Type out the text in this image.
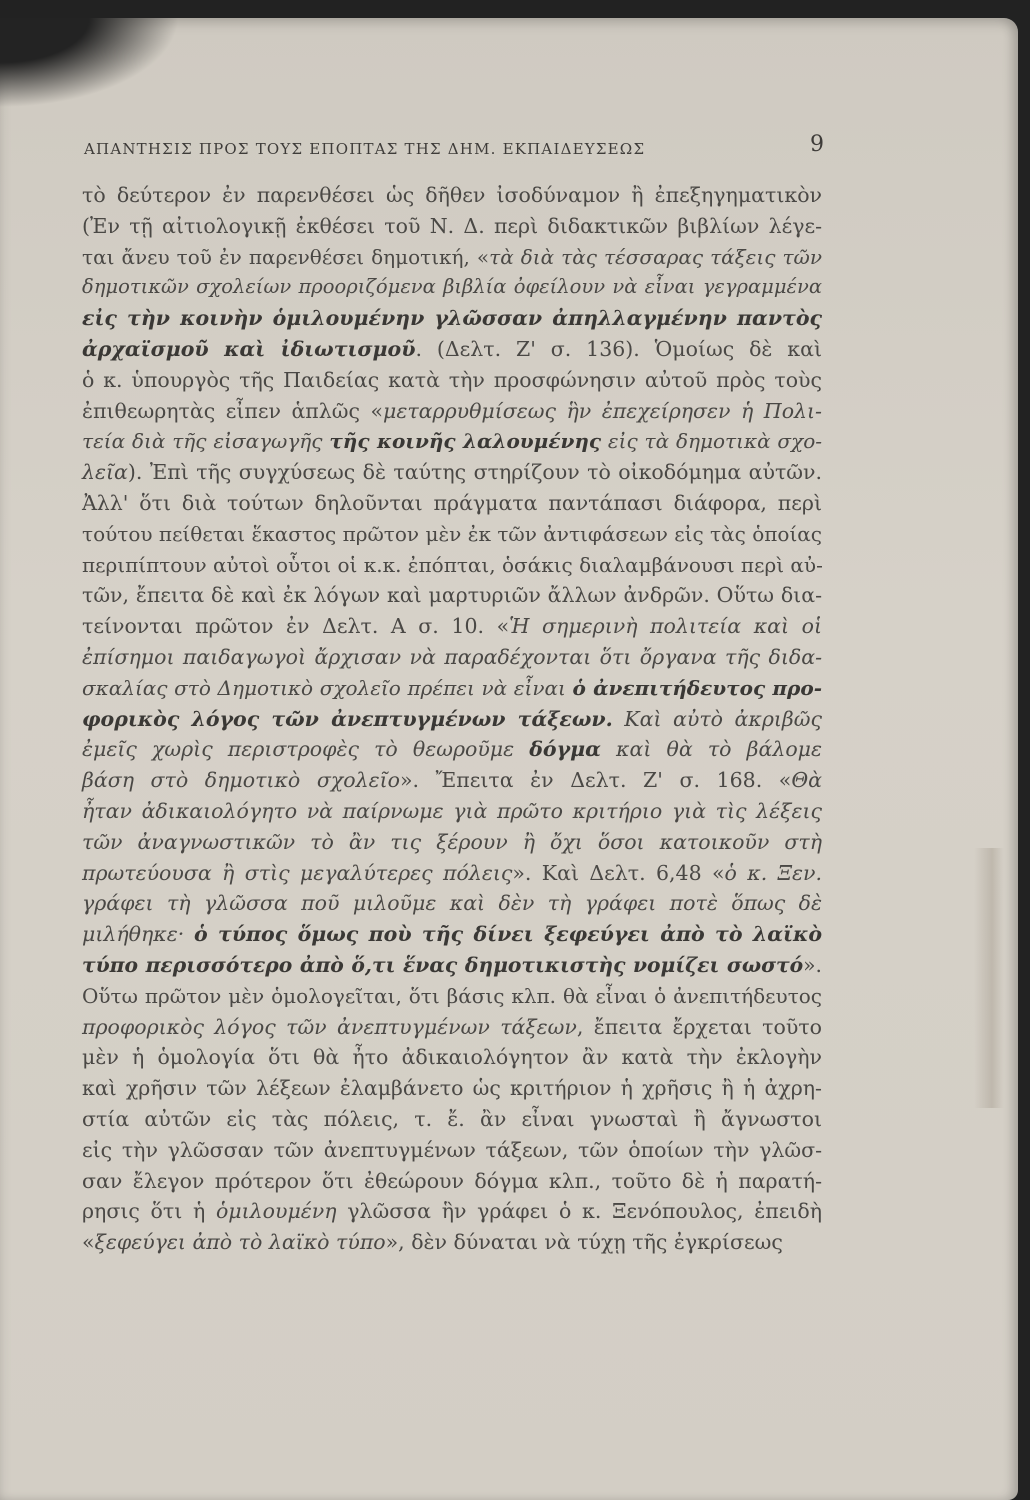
ΑΠΑΝΤΗΣΙΣ ΠΡΟΣ ΤΟΥΣ ΕΠΟΠΤΑΣ ΤΗΣ ΔΗΜ. ΕΚΠΑΙΔΕΥΣΕΩΣ	9
τὸ δεύτερον ἐν παρενθέσει ὡς δῆθεν ἰσοδύναμον ἢ ἐπεξηγηματικὸν
(Ἐν τῇ αἰτιολογικῇ ἐκθέσει τοῦ Ν. Δ. περὶ διδακτικῶν βιβλίων λέγε-
ται ἄνευ τοῦ ἐν παρενθέσει δημοτική, «τὰ διὰ τὰς τέσσαρας τάξεις τῶν
δημοτικῶν σχολείων προοριζόμενα βιβλία ὀφείλουν νὰ εἶναι γεγραμμένα
εἰς τὴν κοινὴν ὁμιλουμένην γλῶσσαν ἀπηλλαγμένην παντὸς
ἀρχαϊσμοῦ καὶ ἰδιωτισμοῦ. (Δελτ. Ζ' σ. 136). Ὁμοίως δὲ καὶ
ὁ κ. ὑπουργὸς τῆς Παιδείας κατὰ τὴν προσφώνησιν αὐτοῦ πρὸς τοὺς
ἐπιθεωρητὰς εἶπεν ἁπλῶς «μεταρρυθμίσεως ἣν ἐπεχείρησεν ἡ Πολι-
τεία διὰ τῆς εἰσαγωγῆς τῆς κοινῆς λαλουμένης εἰς τὰ δημοτικὰ σχο-
λεῖα). Ἐπὶ τῆς συγχύσεως δὲ ταύτης στηρίζουν τὸ οἰκοδόμημα αὐτῶν.
Ἀλλ' ὅτι διὰ τούτων δηλοῦνται πράγματα παντάπασι διάφορα, περὶ
τούτου πείθεται ἕκαστος πρῶτον μὲν ἐκ τῶν ἀντιφάσεων εἰς τὰς ὁποίας
περιπίπτουν αὐτοὶ οὗτοι οἱ κ.κ. ἐπόπται, ὁσάκις διαλαμβάνουσι περὶ αὐ-
τῶν, ἔπειτα δὲ καὶ ἐκ λόγων καὶ μαρτυριῶν ἄλλων ἀνδρῶν. Οὕτω δια-
τείνονται πρῶτον ἐν Δελτ. Α σ. 10. «Ἡ σημερινὴ πολιτεία καὶ οἱ
ἐπίσημοι παιδαγωγοὶ ἄρχισαν νὰ παραδέχονται ὅτι ὄργανα τῆς διδα-
σκαλίας στὸ Δημοτικὸ σχολεῖο πρέπει νὰ εἶναι ὁ ἀνεπιτήδευτος προ-
φορικὸς λόγος τῶν ἀνεπτυγμένων τάξεων. Καὶ αὐτὸ ἀκριβῶς
ἐμεῖς χωρὶς περιστροφὲς τὸ θεωροῦμε δόγμα καὶ θὰ τὸ βάλομε
βάση στὸ δημοτικὸ σχολεῖο». Ἔπειτα ἐν Δελτ. Ζ' σ. 168. «Θὰ
ἦταν ἀδικαιολόγητο νὰ παίρνωμε γιὰ πρῶτο κριτήριο γιὰ τὶς λέξεις
τῶν ἀναγνωστικῶν τὸ ἂν τις ξέρουν ἢ ὄχι ὅσοι κατοικοῦν στὴ
πρωτεύουσα ἢ στὶς μεγαλύτερες πόλεις». Καὶ Δελτ. 6,48 «ὁ κ. Ξεν.
γράφει τὴ γλῶσσα ποῦ μιλοῦμε καὶ δὲν τὴ γράφει ποτὲ ὅπως δὲ
μιλήθηκε· ὁ τύπος ὅμως ποὺ τῆς δίνει ξεφεύγει ἀπὸ τὸ λαϊκὸ
τύπο περισσότερο ἀπὸ ὅ,τι ἕνας δημοτικιστὴς νομίζει σωστό».
Οὕτω πρῶτον μὲν ὁμολογεῖται, ὅτι βάσις κλπ. θὰ εἶναι ὁ ἀνεπιτήδευτος
προφορικὸς λόγος τῶν ἀνεπτυγμένων τάξεων, ἔπειτα ἔρχεται τοῦτο
μὲν ἡ ὁμολογία ὅτι θὰ ἦτο ἀδικαιολόγητον ἂν κατὰ τὴν ἐκλογὴν
καὶ χρῆσιν τῶν λέξεων ἐλαμβάνετο ὡς κριτήριον ἡ χρῆσις ἢ ἡ ἀχρη-
στία αὐτῶν εἰς τὰς πόλεις, τ. ἔ. ἂν εἶναι γνωσταὶ ἢ ἄγνωστοι
εἰς τὴν γλῶσσαν τῶν ἀνεπτυγμένων τάξεων, τῶν ὁποίων τὴν γλῶσ-
σαν ἔλεγον πρότερον ὅτι ἐθεώρουν δόγμα κλπ., τοῦτο δὲ ἡ παρατή-
ρησις ὅτι ἡ ὁμιλουμένη γλῶσσα ἣν γράφει ὁ κ. Ξενόπουλος, ἐπειδὴ
«ξεφεύγει ἀπὸ τὸ λαϊκὸ τύπο», δὲν δύναται νὰ τύχῃ τῆς ἐγκρίσεως
